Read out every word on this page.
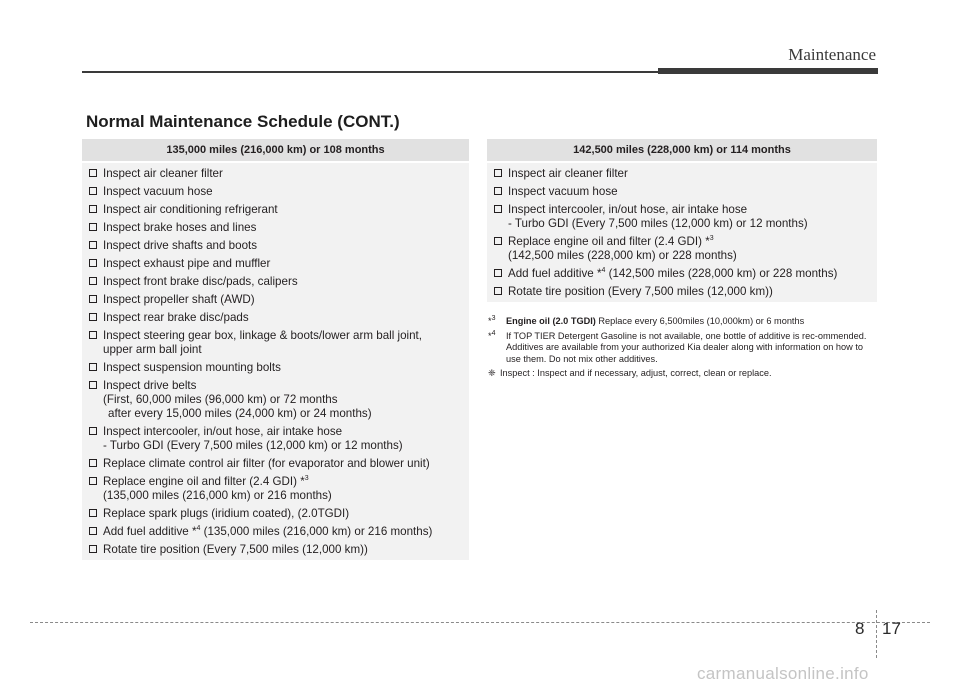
Maintenance
Normal Maintenance Schedule (CONT.)
135,000 miles (216,000 km) or 108 months
Inspect air cleaner filter
Inspect vacuum hose
Inspect air conditioning refrigerant
Inspect brake hoses and lines
Inspect drive shafts and boots
Inspect exhaust pipe and muffler
Inspect front brake disc/pads, calipers
Inspect propeller shaft (AWD)
Inspect rear brake disc/pads
Inspect steering gear box, linkage & boots/lower arm ball joint,
upper arm ball joint
Inspect suspension mounting bolts
Inspect drive belts
(First, 60,000 miles (96,000 km) or 72 months
after every 15,000 miles (24,000 km) or 24 months)
Inspect intercooler, in/out hose, air intake hose
- Turbo GDI (Every 7,500 miles (12,000 km) or 12 months)
Replace climate control air filter (for evaporator and blower unit)
Replace engine oil and filter (2.4 GDI) *$^3$
(135,000 miles (216,000 km) or 216 months)
Replace spark plugs (iridium coated), (2.0TGDI)
Add fuel additive *$^4$ (135,000 miles (216,000 km) or 216 months)
Rotate tire position (Every 7,500 miles (12,000 km))
142,500 miles (228,000 km) or 114 months
Inspect air cleaner filter
Inspect vacuum hose
Inspect intercooler, in/out hose, air intake hose
- Turbo GDI (Every 7,500 miles (12,000 km) or 12 months)
Replace engine oil and filter (2.4 GDI) *$^3$
(142,500 miles (228,000 km) or 228 months)
Add fuel additive *$^4$ (142,500 miles (228,000 km) or 228 months)
Rotate tire position (Every 7,500 miles (12,000 km))
*$^3$	Engine oil (2.0 TGDI) Replace every 6,500miles (10,000km) or 6 months
*$^4$	If TOP TIER Detergent Gasoline is not available, one bottle of additive is rec-ommended. Additives are available from your authorized Kia dealer along with information on how to use them. Do not mix other additives.
❈ Inspect : Inspect and if necessary, adjust, correct, clean or replace.
8 17
carmanualsonline.info
